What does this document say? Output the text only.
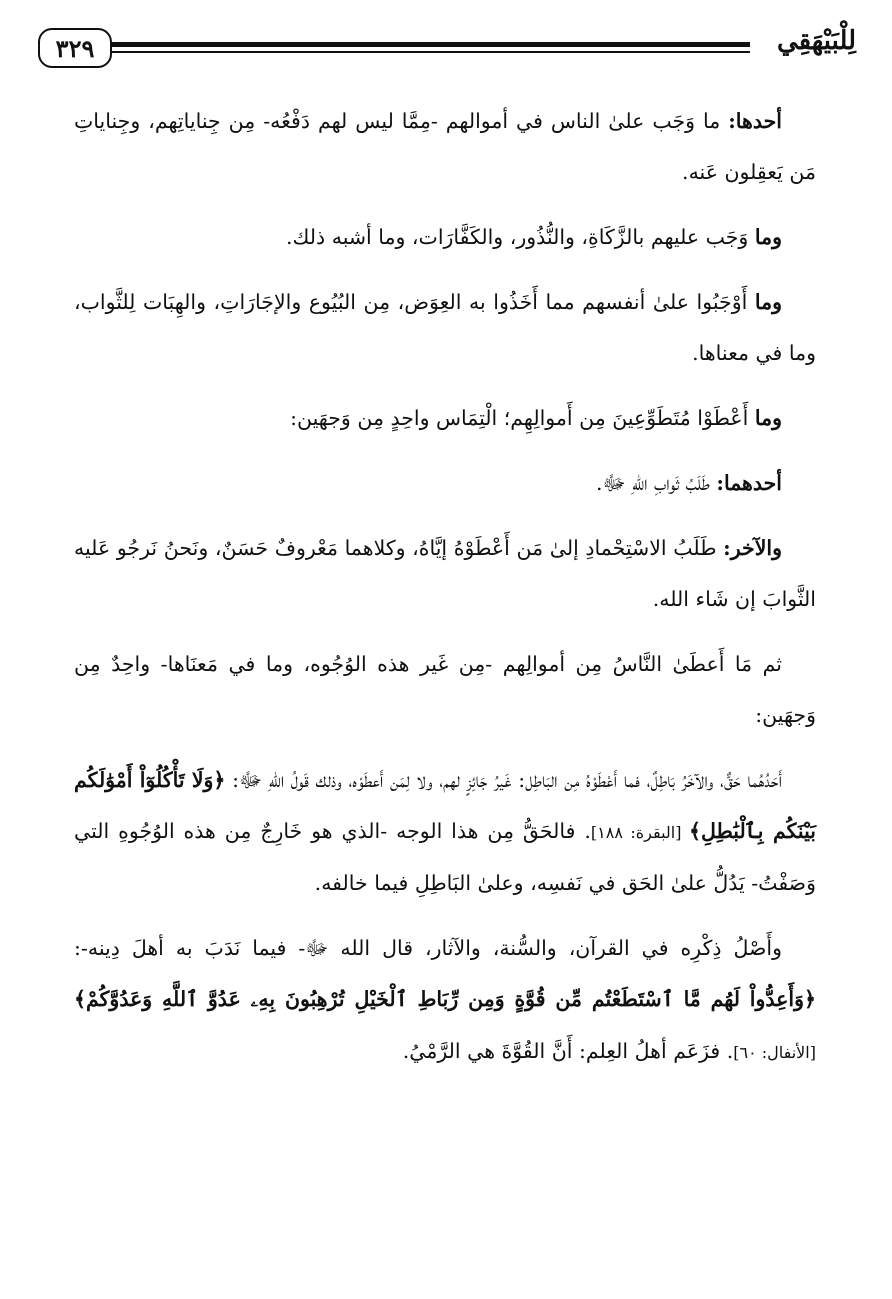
٣٢٩	لِلْبَيْهَقِي

أحدها: ما وَجَب علىٰ الناس في أموالهم -مِمَّا ليس لهم دَفْعُه- مِن جِناياتِهم، وجِناياتِ مَن يَعقِلون عَنه.

وما وَجَب عليهم بالزَّكَاةِ، والنُّذُور، والكَفَّارَات، وما أشبه ذلك.

وما أَوْجَبُوا علىٰ أنفسهم مما أَخَذُوا به العِوَض، مِن البُيُوع والإجَارَاتِ، والهِبَات لِلثَّواب، وما في معناها.

وما أَعْطَوْا مُتَطَوِّعِينَ مِن أَموالِهِم؛ الْتِمَاس واحِدٍ مِن وَجهَين:

أحدهما: طَلَبُ ثَوابِ اللهِ ﷻ.

والآخر: طَلَبُ الاسْتِحْمادِ إلىٰ مَن أَعْطَوْهُ إيَّاهُ، وكلاهما مَعْروفٌ حَسَنٌ، ونَحنُ نَرجُو عَليه الثَّوابَ إن شَاء الله.

ثم مَا أَعطَىٰ النَّاسُ مِن أموالِهم -مِن غَير هذه الوُجُوه، وما في مَعنَاها- واحِدٌ مِن وَجهَين:

أَحَدُهُما حَقٌّ، والآخَرُ بَاطِلٌ، فما أَعْطَوْهُ مِن البَاطِل: غَيرُ جَائِزٍ لهم، ولا لِمَن أَعطَوْه، وذلك قَولُ اللهِ ﷻ: ﴿وَلَا تَأْكُلُوٓاْ أَمْوَٰلَكُم بَيْنَكُم بِٱلْبَٰطِلِ﴾ [البقرة: ١٨٨]. فالحَقُّ مِن هذا الوجه -الذي هو خَارِجٌ مِن هذه الوُجُوهِ التي وَصَفْتُ- يَدُلُّ علىٰ الحَق في نَفسِه، وعلىٰ البَاطِلِ فيما خالفه.

وأَصْلُ ذِكْرِه في القرآن، والسُّنة، والآثار، قال الله ﷻ- فيما نَدَبَ به أهلَ دِينه-: ﴿وَأَعِدُّواْ لَهُم مَّا ٱسْتَطَعْتُم مِّن قُوَّةٍ وَمِن رِّبَاطِ ٱلْخَيْلِ تُرْهِبُونَ بِهِۦ عَدُوَّ ٱللَّهِ وَعَدُوَّكُمْ﴾ [الأنفال: ٦٠]. فزَعَم أهلُ العِلم: أَنَّ القُوَّةَ هي الرَّمْيُ.
